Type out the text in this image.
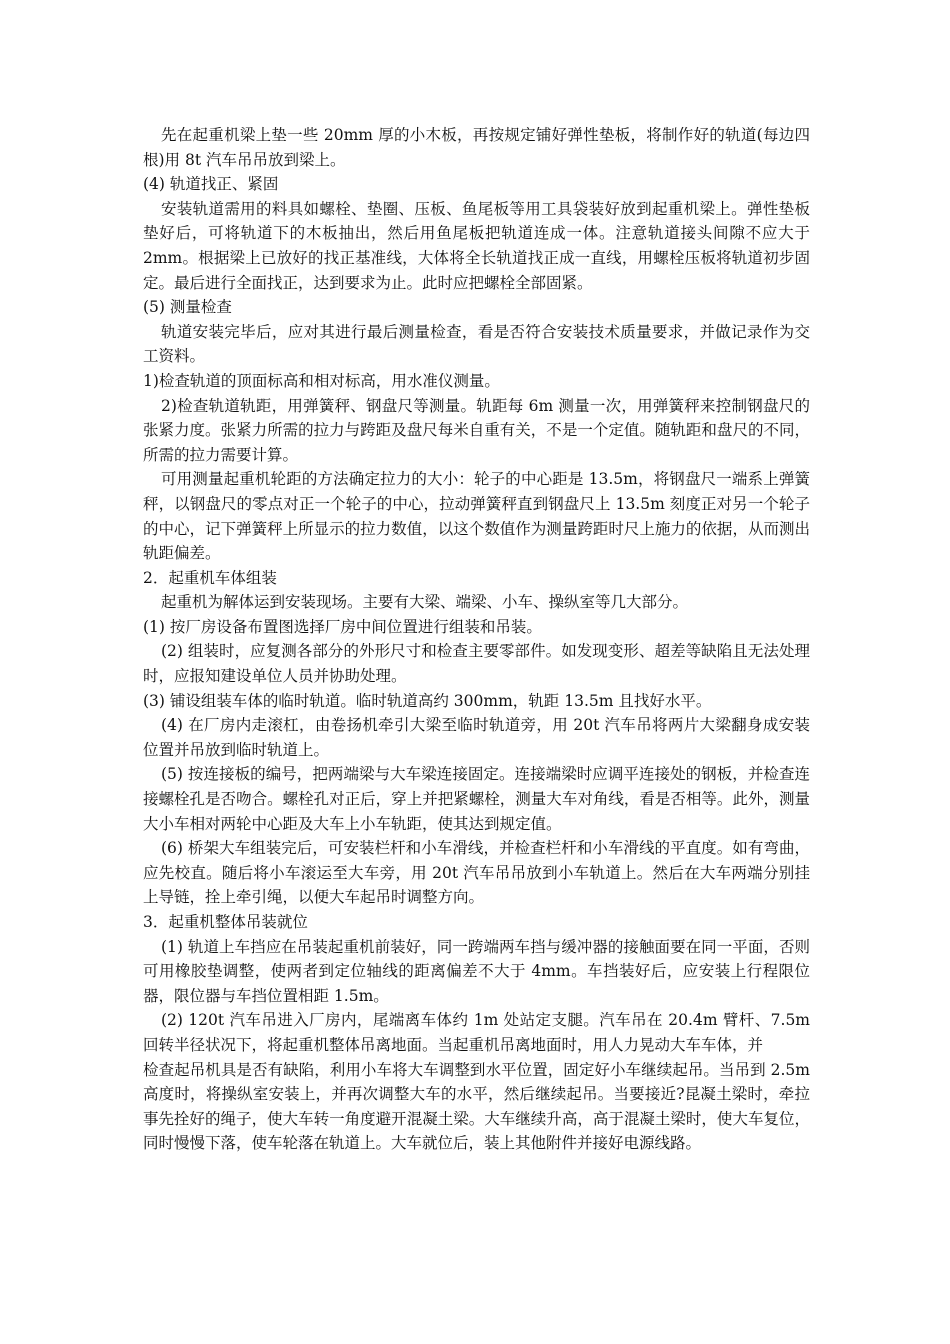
先在起重机梁上垫一些 20mm 厚的小木板，再按规定铺好弹性垫板，将制作好的轨道(每边四根)用 8t 汽车吊吊放到梁上。

(4) 轨道找正、紧固

安装轨道需用的料具如螺栓、垫圈、压板、鱼尾板等用工具袋装好放到起重机梁上。弹性垫板垫好后，可将轨道下的木板抽出，然后用鱼尾板把轨道连成一体。注意轨道接头间隙不应大于 2mm。根据梁上已放好的找正基准线，大体将全长轨道找正成一直线，用螺栓压板将轨道初步固定。最后进行全面找正，达到要求为止。此时应把螺栓全部固紧。

(5) 测量检查

轨道安装完毕后，应对其进行最后测量检查，看是否符合安装技术质量要求，并做记录作为交工资料。

1)检查轨道的顶面标高和相对标高，用水准仪测量。

2)检查轨道轨距，用弹簧秤、钢盘尺等测量。轨距每 6m 测量一次，用弹簧秤来控制钢盘尺的张紧力度。张紧力所需的拉力与跨距及盘尺每米自重有关，不是一个定值。随轨距和盘尺的不同，所需的拉力需要计算。

可用测量起重机轮距的方法确定拉力的大小：轮子的中心距是 13.5m，将钢盘尺一端系上弹簧秤，以钢盘尺的零点对正一个轮子的中心，拉动弹簧秤直到钢盘尺上 13.5m 刻度正对另一个轮子的中心，记下弹簧秤上所显示的拉力数值，以这个数值作为测量跨距时尺上施力的依据，从而测出轨距偏差。

2．起重机车体组装

起重机为解体运到安装现场。主要有大梁、端梁、小车、操纵室等几大部分。

(1) 按厂房设备布置图选择厂房中间位置进行组装和吊装。

(2) 组装时，应复测各部分的外形尺寸和检查主要零部件。如发现变形、超差等缺陷且无法处理时，应报知建设单位人员并协助处理。

(3) 铺设组装车体的临时轨道。临时轨道高约 300mm，轨距 13.5m 且找好水平。

(4) 在厂房内走滚杠，由卷扬机牵引大梁至临时轨道旁，用 20t 汽车吊将两片大梁翻身成安装位置并吊放到临时轨道上。

(5) 按连接板的编号，把两端梁与大车梁连接固定。连接端梁时应调平连接处的钢板，并检查连接螺栓孔是否吻合。螺栓孔对正后，穿上并把紧螺栓，测量大车对角线，看是否相等。此外，测量大小车相对两轮中心距及大车上小车轨距，使其达到规定值。

(6) 桥架大车组装完后，可安装栏杆和小车滑线，并检查栏杆和小车滑线的平直度。如有弯曲，应先校直。随后将小车滚运至大车旁，用 20t 汽车吊吊放到小车轨道上。然后在大车两端分别挂上导链，拴上牵引绳，以便大车起吊时调整方向。

3．起重机整体吊装就位

(1) 轨道上车挡应在吊装起重机前装好，同一跨端两车挡与缓冲器的接触面要在同一平面，否则可用橡胶垫调整，使两者到定位轴线的距离偏差不大于 4mm。车挡装好后，应安装上行程限位器，限位器与车挡位置相距 1.5m。

(2) 120t 汽车吊进入厂房内，尾端离车体约 1m 处站定支腿。汽车吊在 20.4m 臂杆、7.5m 回转半径状况下，将起重机整体吊离地面。当起重机吊离地面时，用人力晃动大车车体，并

检查起吊机具是否有缺陷，利用小车将大车调整到水平位置，固定好小车继续起吊。当吊到 2.5m 高度时，将操纵室安装上，并再次调整大车的水平，然后继续起吊。当要接近?昆凝土梁时，牵拉事先拴好的绳子，使大车转一角度避开混凝土梁。大车继续升高，高于混凝土梁时，使大车复位，同时慢慢下落，使车轮落在轨道上。大车就位后，装上其他附件并接好电源线路。
